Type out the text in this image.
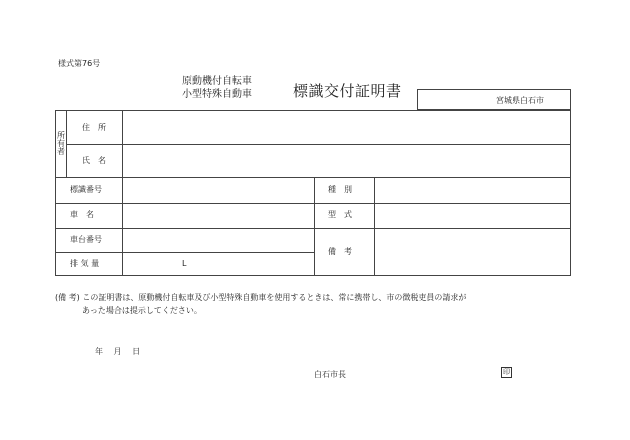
様式第76号
原動機付自転車
小型特殊自動車	標識交付証明書
宮城県白石市
所
有
者
住　所
氏　名
標識番号	種　別
車　名	型　式
車台番号
備　考
排 気 量	L
(備 考) この証明書は、原動機付自転車及び小型特殊自動車を使用するときは、常に携帯し、市の徴税吏員の請求が
あった場合は提示してください。
年 月 日
白石市長	印
